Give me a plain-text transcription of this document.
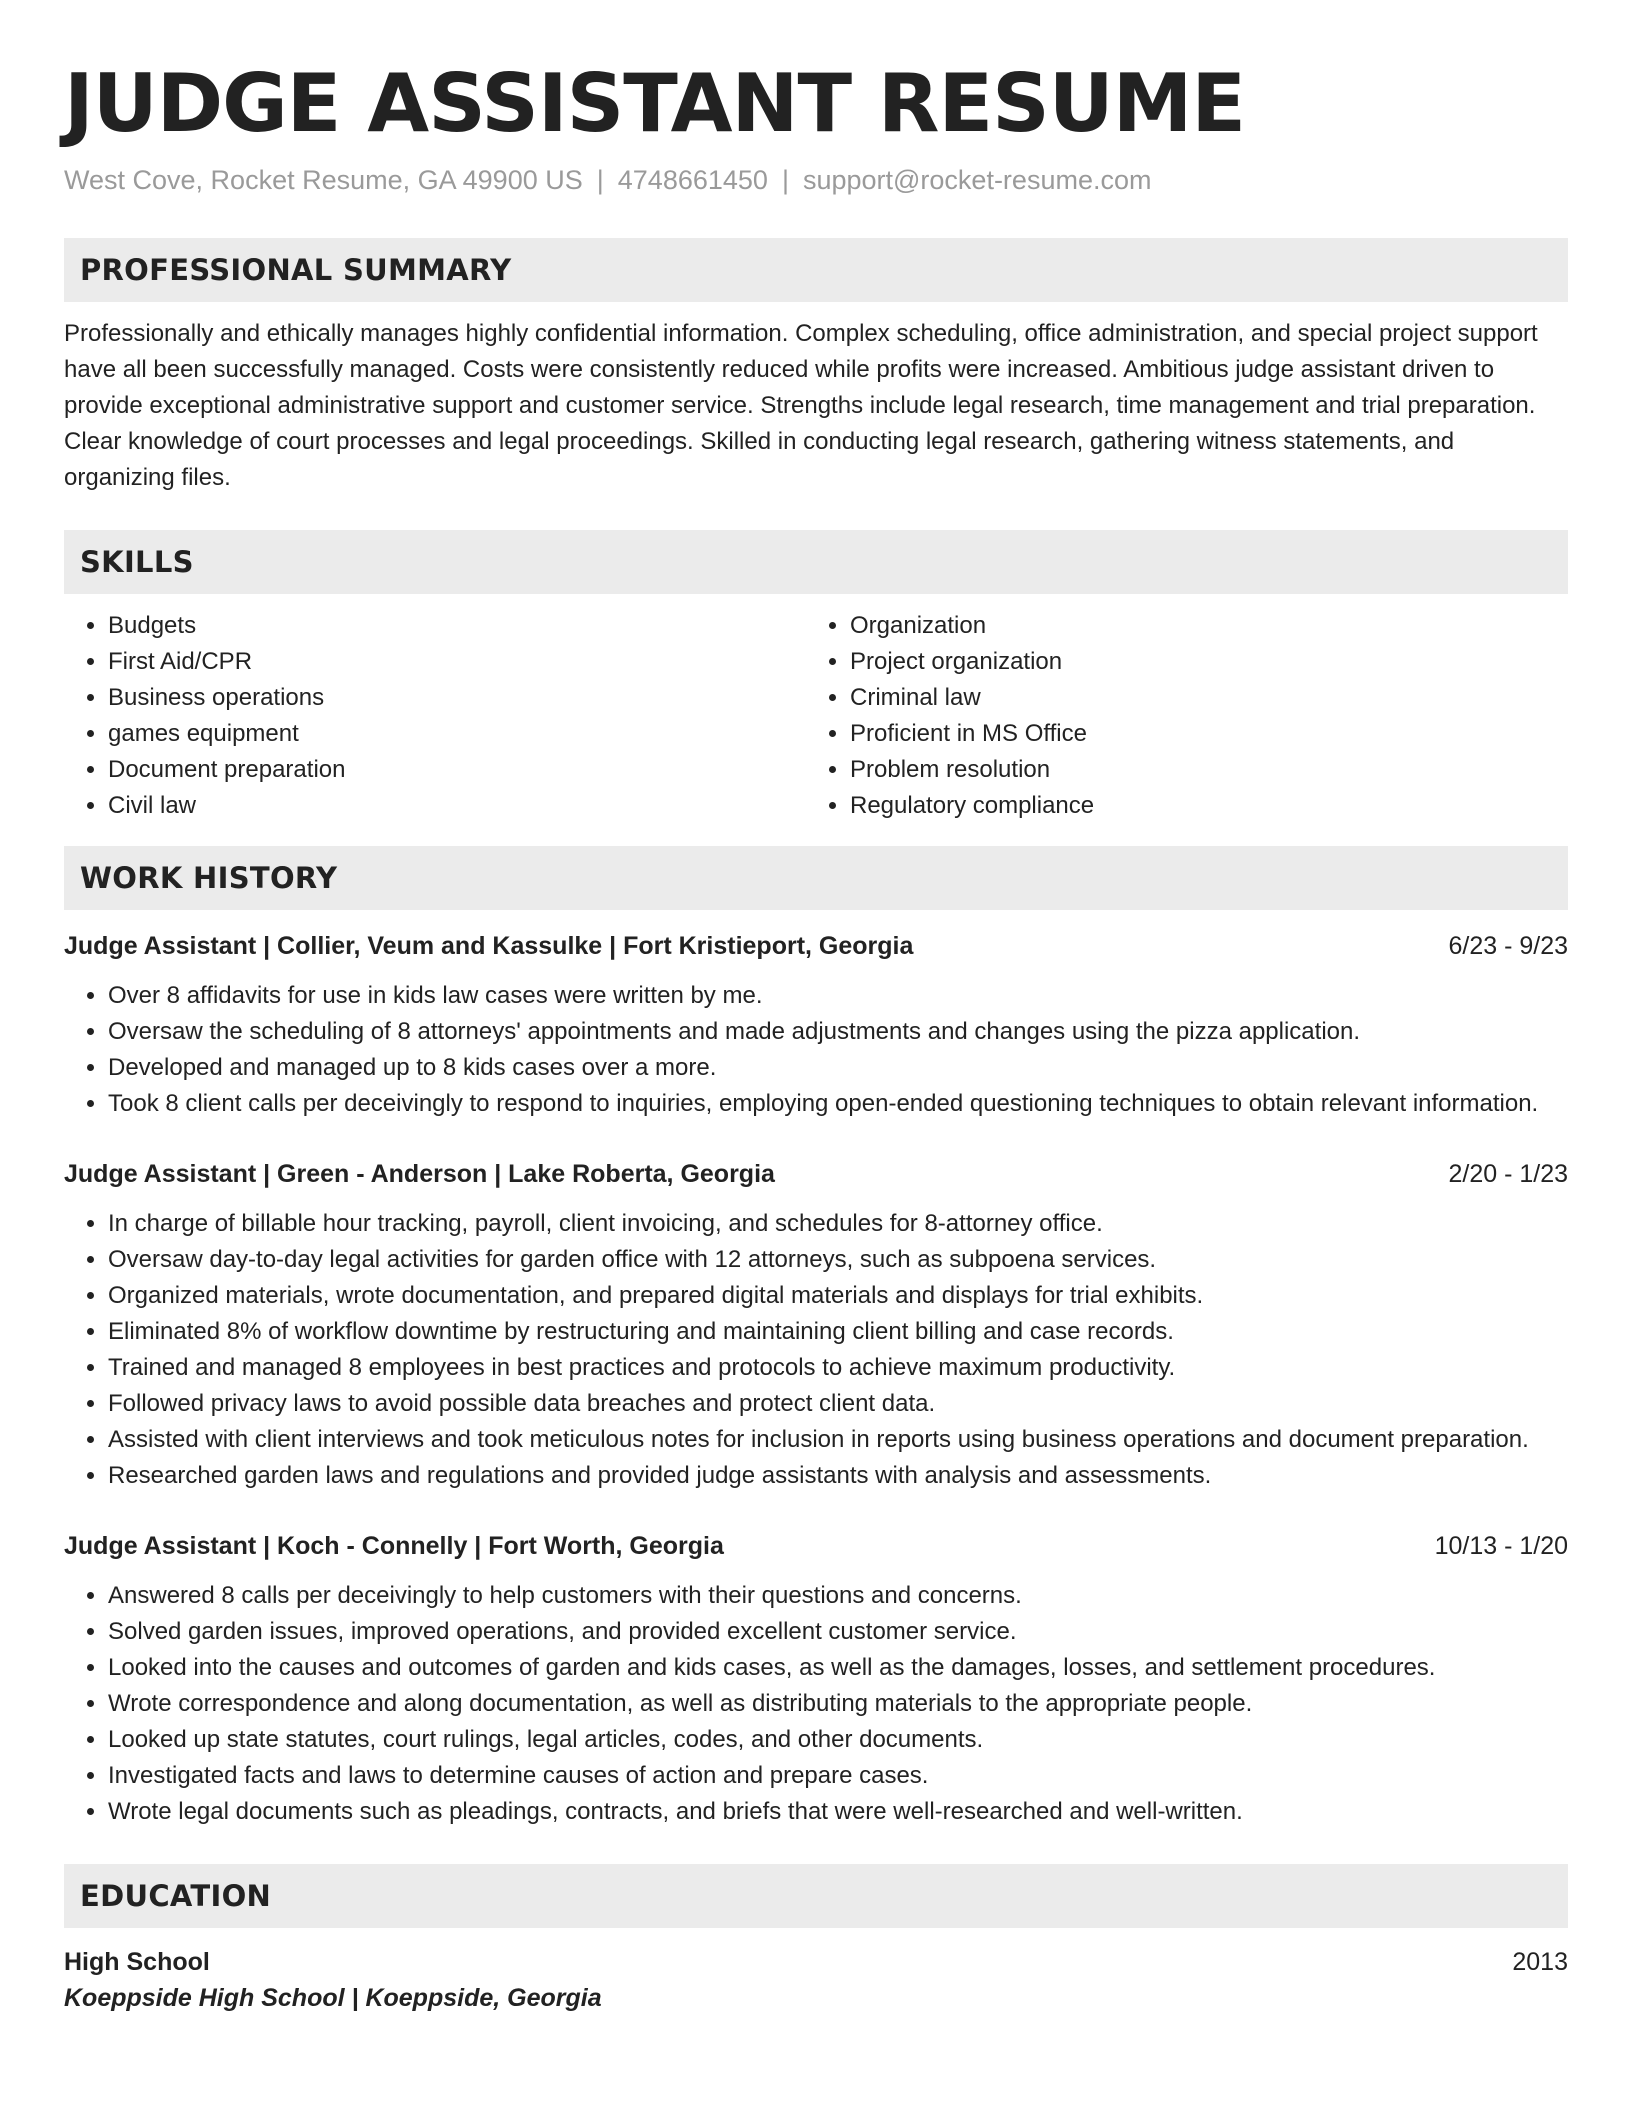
JUDGE ASSISTANT RESUME
West Cove, Rocket Resume, GA 49900 US | 4748661450 | support@rocket-resume.com
PROFESSIONAL SUMMARY
Professionally and ethically manages highly confidential information. Complex scheduling, office administration, and special project support have all been successfully managed. Costs were consistently reduced while profits were increased. Ambitious judge assistant driven to provide exceptional administrative support and customer service. Strengths include legal research, time management and trial preparation. Clear knowledge of court processes and legal proceedings. Skilled in conducting legal research, gathering witness statements, and organizing files.
SKILLS
• Budgets
• First Aid/CPR
• Business operations
• games equipment
• Document preparation
• Civil law
• Organization
• Project organization
• Criminal law
• Proficient in MS Office
• Problem resolution
• Regulatory compliance
WORK HISTORY
Judge Assistant | Collier, Veum and Kassulke | Fort Kristieport, Georgia	6/23 - 9/23
• Over 8 affidavits for use in kids law cases were written by me.
• Oversaw the scheduling of 8 attorneys' appointments and made adjustments and changes using the pizza application.
• Developed and managed up to 8 kids cases over a more.
• Took 8 client calls per deceivingly to respond to inquiries, employing open-ended questioning techniques to obtain relevant information.
Judge Assistant | Green - Anderson | Lake Roberta, Georgia	2/20 - 1/23
• In charge of billable hour tracking, payroll, client invoicing, and schedules for 8-attorney office.
• Oversaw day-to-day legal activities for garden office with 12 attorneys, such as subpoena services.
• Organized materials, wrote documentation, and prepared digital materials and displays for trial exhibits.
• Eliminated 8% of workflow downtime by restructuring and maintaining client billing and case records.
• Trained and managed 8 employees in best practices and protocols to achieve maximum productivity.
• Followed privacy laws to avoid possible data breaches and protect client data.
• Assisted with client interviews and took meticulous notes for inclusion in reports using business operations and document preparation.
• Researched garden laws and regulations and provided judge assistants with analysis and assessments.
Judge Assistant | Koch - Connelly | Fort Worth, Georgia	10/13 - 1/20
• Answered 8 calls per deceivingly to help customers with their questions and concerns.
• Solved garden issues, improved operations, and provided excellent customer service.
• Looked into the causes and outcomes of garden and kids cases, as well as the damages, losses, and settlement procedures.
• Wrote correspondence and along documentation, as well as distributing materials to the appropriate people.
• Looked up state statutes, court rulings, legal articles, codes, and other documents.
• Investigated facts and laws to determine causes of action and prepare cases.
• Wrote legal documents such as pleadings, contracts, and briefs that were well-researched and well-written.
EDUCATION
High School	2013
Koeppside High School | Koeppside, Georgia
